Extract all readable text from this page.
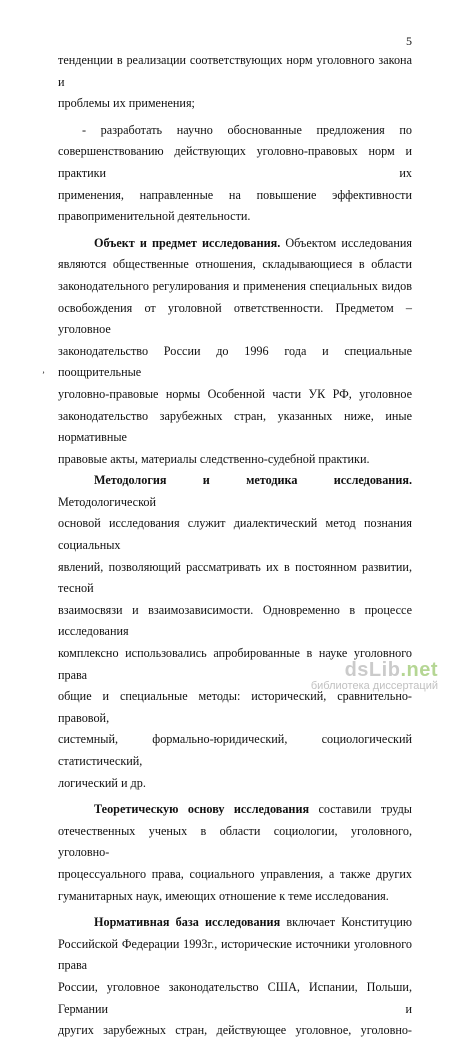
5
’

тенденции в реализации соответствующих норм уголовного закона и

проблемы их применения;

- разработать научно обоснованные предложения по

совершенствованию действующих уголовно-правовых норм и практики их

применения, направленные на повышение эффективности

правоприменительной деятельности.

Объект и предмет исследования. Объектом исследования

являются общественные отношения, складывающиеся в области

законодательного регулирования и применения специальных видов

освобождения от уголовной ответственности. Предметом – уголовное

законодательство России до 1996 года и специальные поощрительные

уголовно-правовые нормы Особенной части УК РФ, уголовное

законодательство зарубежных стран, указанных ниже, иные нормативные

правовые акты, материалы следственно-судебной практики.

Методология и методика исследования. Методологической

основой исследования служит диалектический метод познания социальных

явлений, позволяющий рассматривать их в постоянном развитии, тесной

взаимосвязи и взаимозависимости. Одновременно в процессе исследования

комплексно использовались апробированные в науке уголовного права

общие и специальные методы: исторический, сравнительно-правовой,

системный, формально-юридический, социологический статистический,

логический и др.

Теоретическую основу исследования составили труды

отечественных ученых в области социологии, уголовного, уголовно-

процессуального права, социального управления, а также других

гуманитарных наук, имеющих отношение к теме исследования.

Нормативная база исследования включает Конституцию

Российской Федерации 1993г., исторические источники уголовного права

России, уголовное законодательство США, Испании, Польши, Германии и

других зарубежных стран, действующее уголовное, уголовно-

dsLib.net
библиотека диссертаций
